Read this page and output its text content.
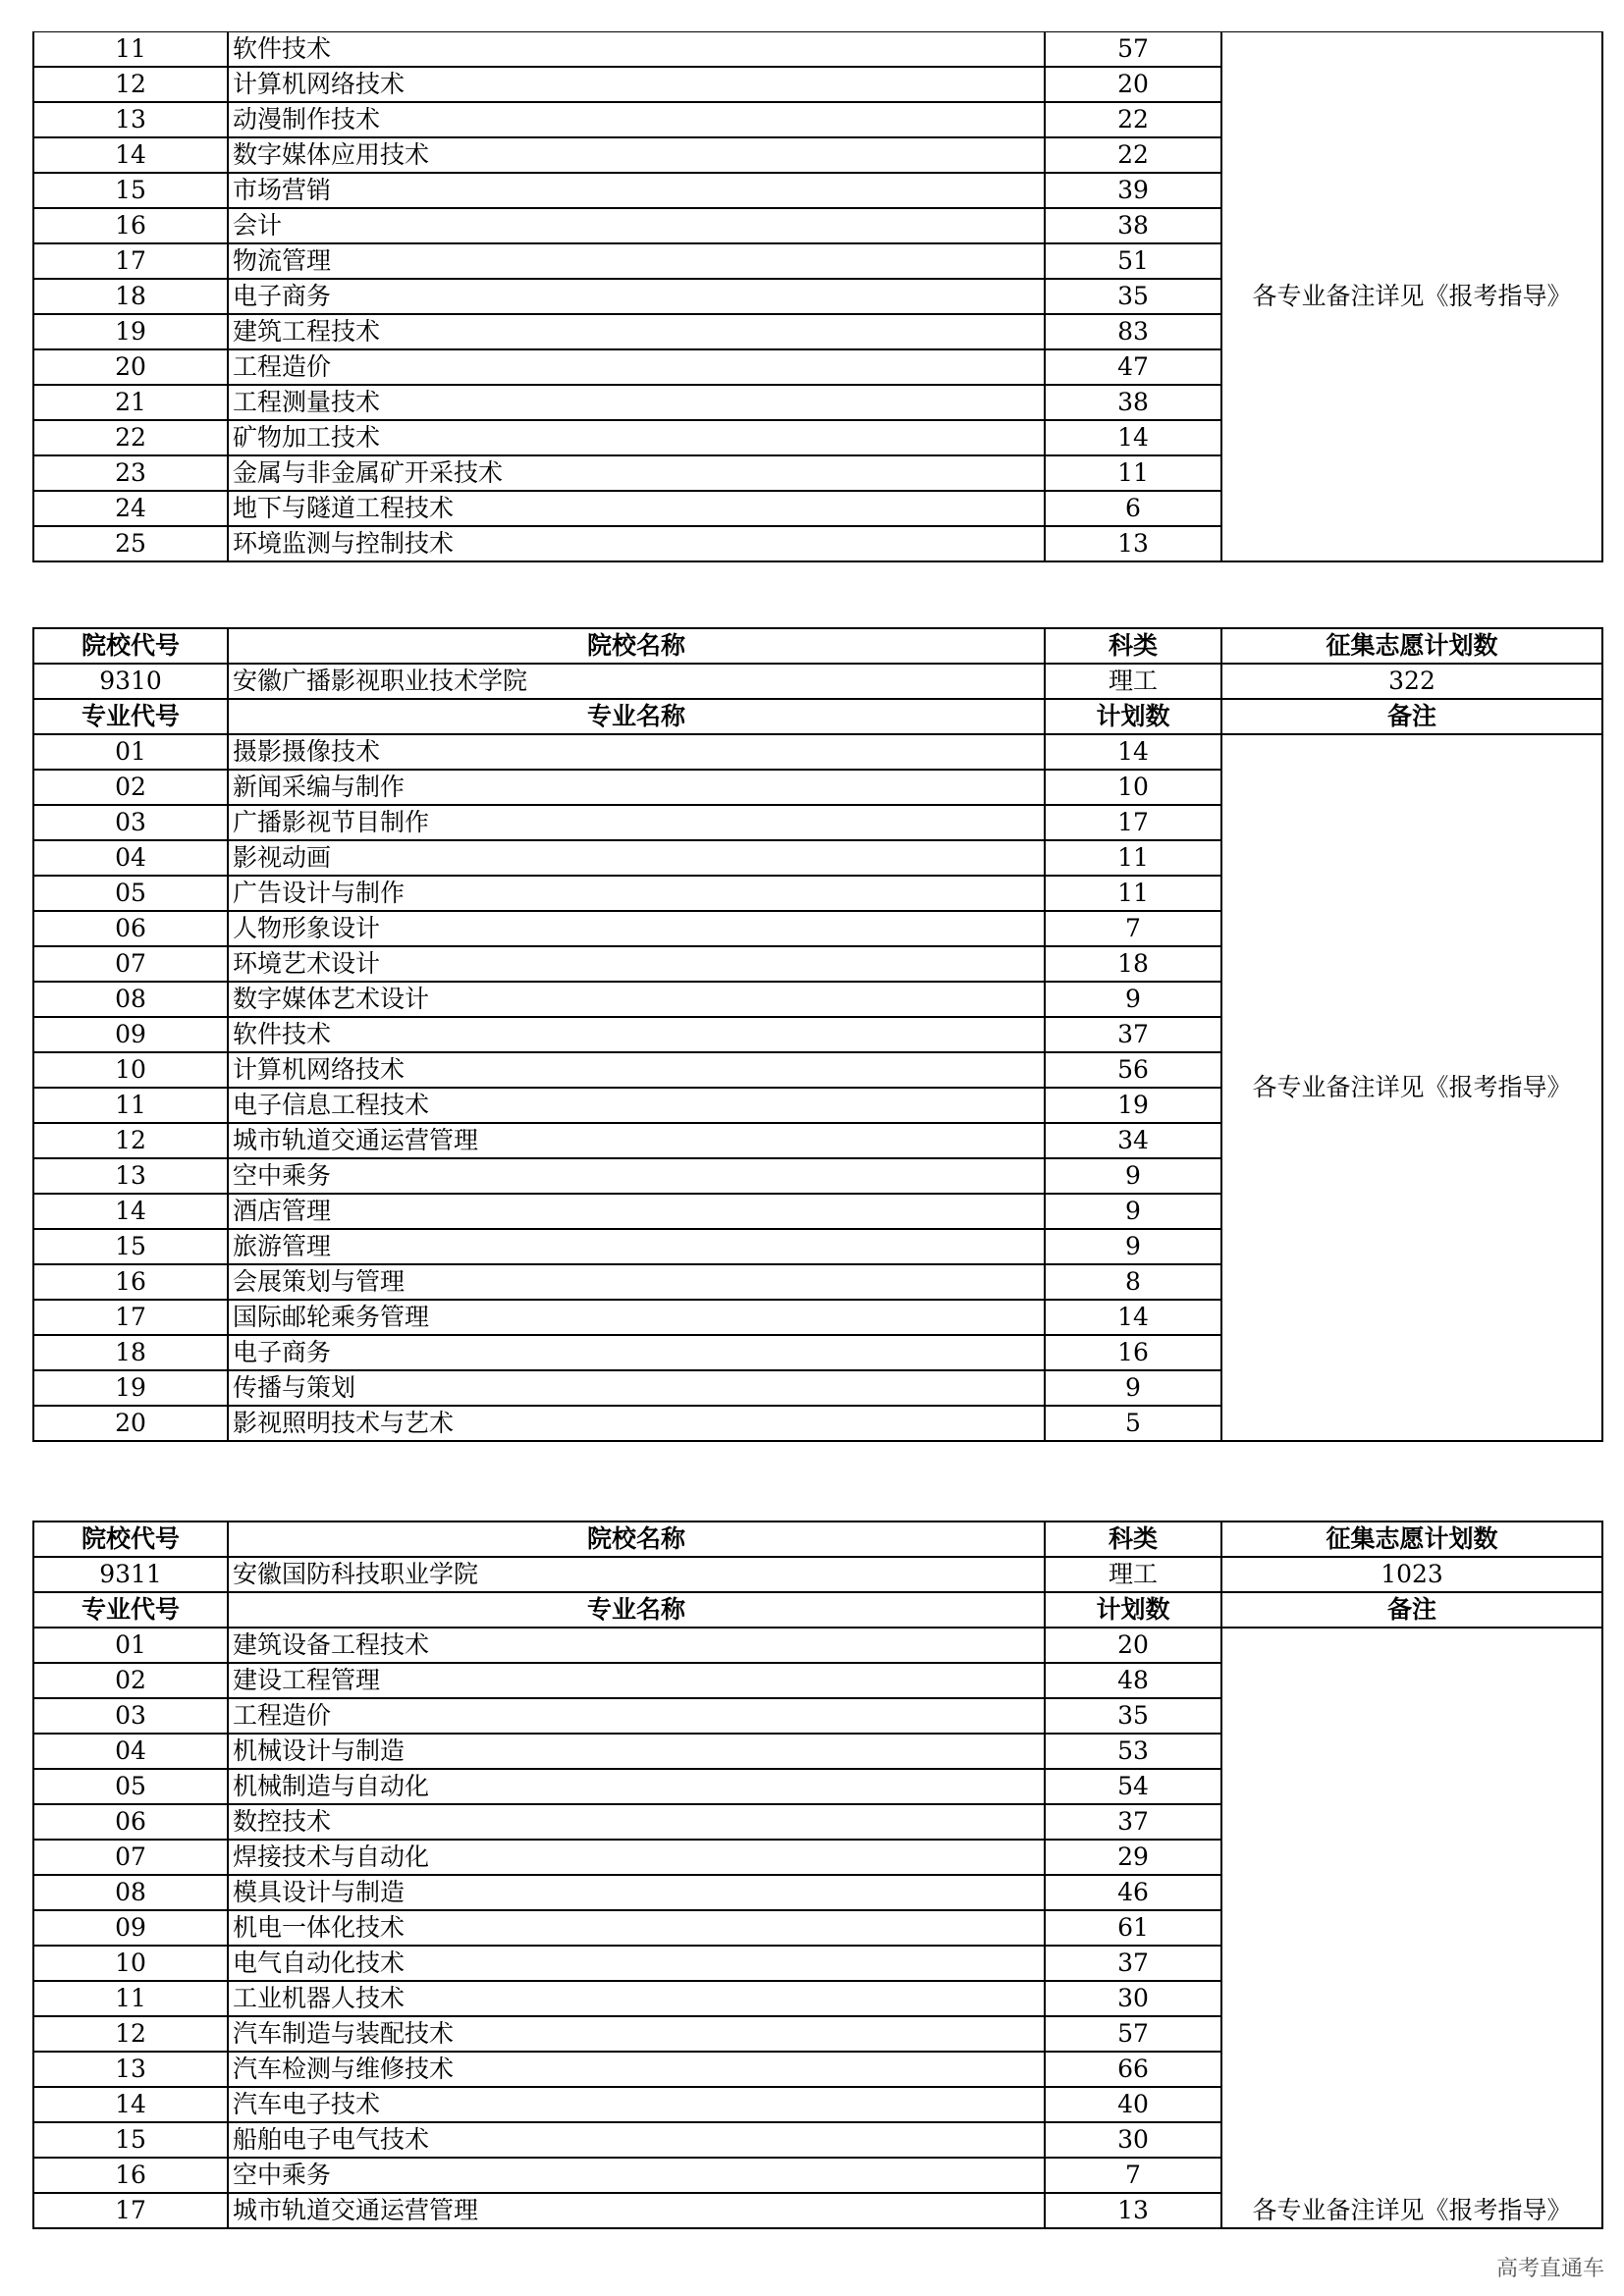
11	软件技术	57	各专业备注详见《报考指导》
12	计算机网络技术	20	
13	动漫制作技术	22	
14	数字媒体应用技术	22	
15	市场营销	39	
16	会计	38	
17	物流管理	51	
18	电子商务	35	
19	建筑工程技术	83	
20	工程造价	47	
21	工程测量技术	38	
22	矿物加工技术	14	
23	金属与非金属矿开采技术	11	
24	地下与隧道工程技术	6	
25	环境监测与控制技术	13	
院校代号	院校名称	科类	征集志愿计划数
9310	安徽广播影视职业技术学院	理工	322
专业代号	专业名称	计划数	备注
01	摄影摄像技术	14	各专业备注详见《报考指导》
02	新闻采编与制作	10	
03	广播影视节目制作	17	
04	影视动画	11	
05	广告设计与制作	11	
06	人物形象设计	7	
07	环境艺术设计	18	
08	数字媒体艺术设计	9	
09	软件技术	37	
10	计算机网络技术	56	
11	电子信息工程技术	19	
12	城市轨道交通运营管理	34	
13	空中乘务	9	
14	酒店管理	9	
15	旅游管理	9	
16	会展策划与管理	8	
17	国际邮轮乘务管理	14	
18	电子商务	16	
19	传播与策划	9	
20	影视照明技术与艺术	5	
院校代号	院校名称	科类	征集志愿计划数
9311	安徽国防科技职业学院	理工	1023
专业代号	专业名称	计划数	备注
01	建筑设备工程技术	20	各专业备注详见《报考指导》
02	建设工程管理	48	
03	工程造价	35	
04	机械设计与制造	53	
05	机械制造与自动化	54	
06	数控技术	37	
07	焊接技术与自动化	29	
08	模具设计与制造	46	
09	机电一体化技术	61	
10	电气自动化技术	37	
11	工业机器人技术	30	
12	汽车制造与装配技术	57	
13	汽车检测与维修技术	66	
14	汽车电子技术	40	
15	船舶电子电气技术	30	
16	空中乘务	7	
17	城市轨道交通运营管理	13	
高考直通车
